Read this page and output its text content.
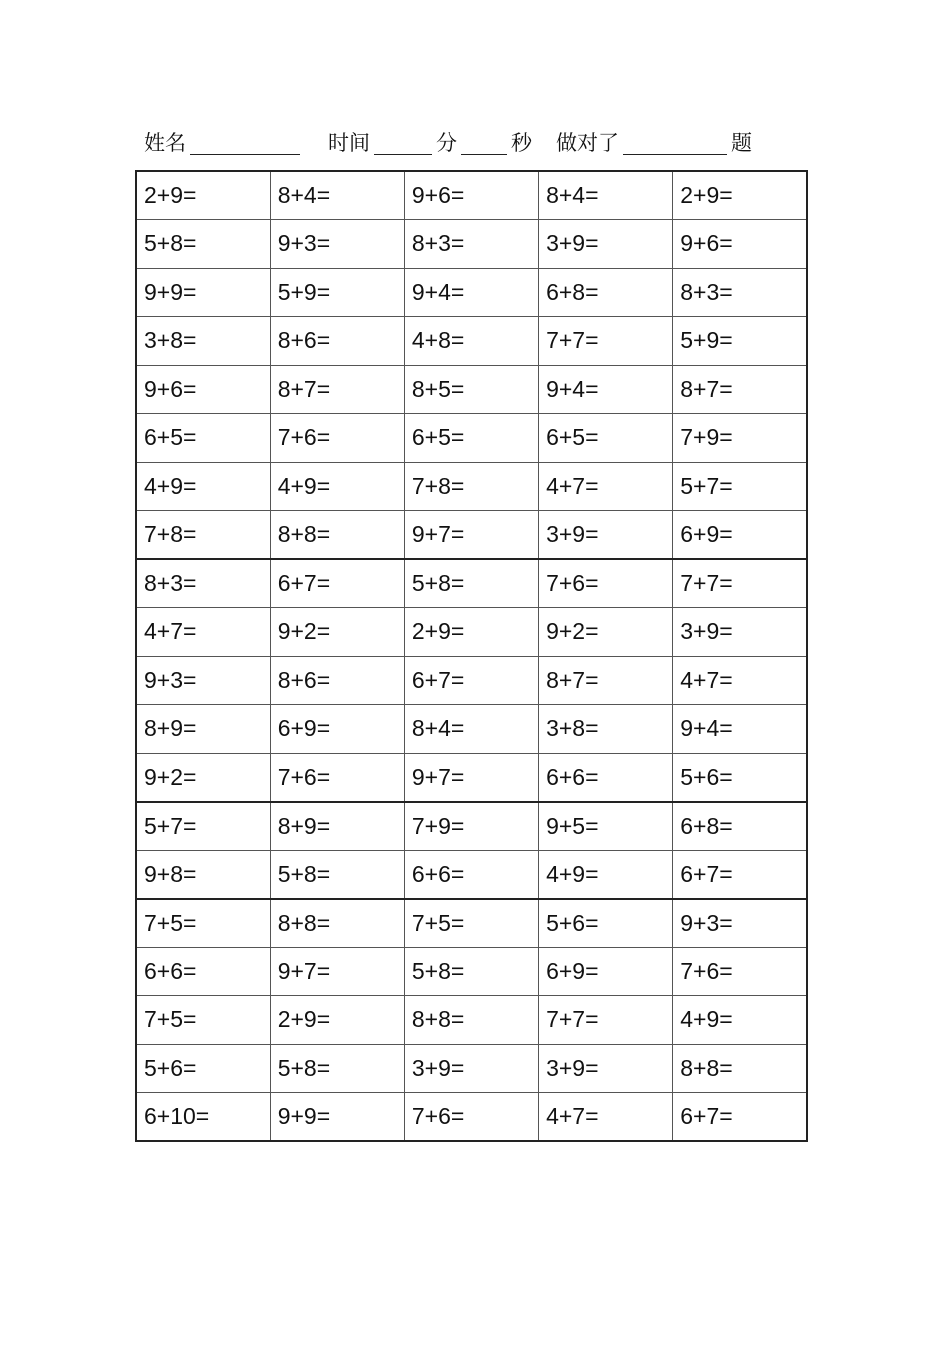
姓名	时间	分	秒 做对了	题
2+9=	8+4=	9+6=	8+4=	2+9=
5+8=	9+3=	8+3=	3+9=	9+6=
9+9=	5+9=	9+4=	6+8=	8+3=
3+8=	8+6=	4+8=	7+7=	5+9=
9+6=	8+7=	8+5=	9+4=	8+7=
6+5=	7+6=	6+5=	6+5=	7+9=
4+9=	4+9=	7+8=	4+7=	5+7=
7+8=	8+8=	9+7=	3+9=	6+9=
8+3=	6+7=	5+8=	7+6=	7+7=
4+7=	9+2=	2+9=	9+2=	3+9=
9+3=	8+6=	6+7=	8+7=	4+7=
8+9=	6+9=	8+4=	3+8=	9+4=
9+2=	7+6=	9+7=	6+6=	5+6=
5+7=	8+9=	7+9=	9+5=	6+8=
9+8=	5+8=	6+6=	4+9=	6+7=
7+5=	8+8=	7+5=	5+6=	9+3=
6+6=	9+7=	5+8=	6+9=	7+6=
7+5=	2+9=	8+8=	7+7=	4+9=
5+6=	5+8=	3+9=	3+9=	8+8=
6+10=	9+9=	7+6=	4+7=	6+7=
